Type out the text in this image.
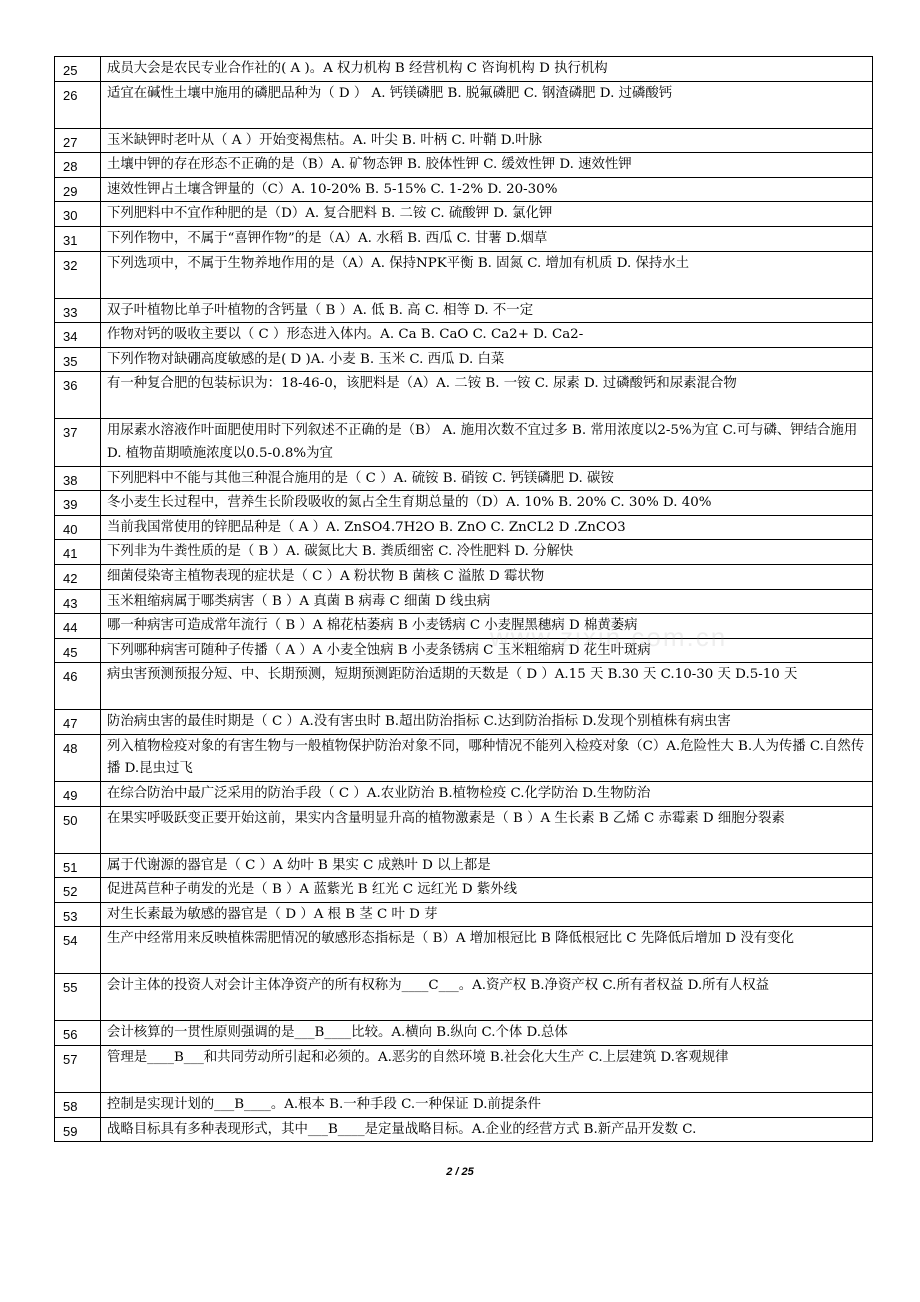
25	成员大会是农民专业合作社的( A )。A 权力机构 B 经营机构 C 咨询机构 D 执行机构
26	适宜在碱性土壤中施用的磷肥品种为（ D ） A. 钙镁磷肥 B. 脱氟磷肥 C. 钢渣磷肥 D. 过磷酸钙
27	玉米缺钾时老叶从（ A ）开始变褐焦枯。A. 叶尖 B. 叶柄 C. 叶鞘 D.叶脉
28	土壤中钾的存在形态不正确的是（B）A. 矿物态钾 B. 胶体性钾 C. 缓效性钾 D. 速效性钾
29	速效性钾占土壤含钾量的（C）A. 10-20% B. 5-15% C. 1-2% D. 20-30%
30	下列肥料中不宜作种肥的是（D）A. 复合肥料 B. 二铵 C. 硫酸钾 D. 氯化钾
31	下列作物中，不属于“喜钾作物”的是（A）A. 水稻 B. 西瓜 C. 甘薯 D.烟草
32	下列选项中，不属于生物养地作用的是（A）A. 保持NPK平衡 B. 固氮 C. 增加有机质 D. 保持水土
33	双子叶植物比单子叶植物的含钙量（ B ）A. 低 B. 高 C. 相等 D. 不一定
34	作物对钙的吸收主要以（ C ）形态进入体内。A. Ca B. CaO C. Ca2+ D. Ca2-
35	下列作物对缺硼高度敏感的是( D )A. 小麦 B. 玉米 C. 西瓜 D. 白菜
36	有一种复合肥的包装标识为：18-46-0，该肥料是（A）A. 二铵 B. 一铵 C. 尿素 D. 过磷酸钙和尿素混合物
37	用尿素水溶液作叶面肥使用时下列叙述不正确的是（B） A. 施用次数不宜过多 B. 常用浓度以2-5%为宜 C.可与磷、钾结合施用 D. 植物苗期喷施浓度以0.5-0.8%为宜
38	下列肥料中不能与其他三种混合施用的是（ C ）A. 硫铵 B. 硝铵 C. 钙镁磷肥 D. 碳铵
39	冬小麦生长过程中，营养生长阶段吸收的氮占全生育期总量的（D）A. 10% B. 20% C. 30% D. 40%
40	当前我国常使用的锌肥品种是（ A ）A. ZnSO4.7H2O B. ZnO C. ZnCL2 D .ZnCO3
41	下列非为牛粪性质的是（ B ）A. 碳氮比大 B. 粪质细密 C. 冷性肥料 D. 分解快
42	细菌侵染寄主植物表现的症状是（ C ）A 粉状物 B 菌核 C 溢脓 D 霉状物
43	玉米粗缩病属于哪类病害（ B ）A 真菌 B 病毒 C 细菌 D 线虫病
44	哪一种病害可造成常年流行（ B ）A 棉花枯萎病 B 小麦锈病 C 小麦腥黑穗病 D 棉黄萎病
45	下列哪种病害可随种子传播（ A ）A 小麦全蚀病 B 小麦条锈病 C 玉米粗缩病 D 花生叶斑病
46	病虫害预测预报分短、中、长期预测，短期预测距防治适期的天数是（ D ）A.15 天 B.30 天 C.10-30 天 D.5-10 天
47	防治病虫害的最佳时期是（ C ）A.没有害虫时 B.超出防治指标 C.达到防治指标 D.发现个别植株有病虫害
48	列入植物检疫对象的有害生物与一般植物保护防治对象不同，哪种情况不能列入检疫对象（C）A.危险性大 B.人为传播 C.自然传播 D.昆虫过飞
49	在综合防治中最广泛采用的防治手段（ C ）A.农业防治 B.植物检疫 C.化学防治 D.生物防治
50	在果实呼吸跃变正要开始这前，果实内含量明显升高的植物激素是（ B ）A 生长素 B 乙烯 C 赤霉素 D 细胞分裂素
51	属于代谢源的器官是（ C ）A 幼叶 B 果实 C 成熟叶 D 以上都是
52	促进莴苣种子萌发的光是（ B ）A 蓝紫光 B 红光 C 远红光 D 紫外线
53	对生长素最为敏感的器官是（ D ）A 根 B 茎 C 叶 D 芽
54	生产中经常用来反映植株需肥情况的敏感形态指标是（ B）A 增加根冠比 B 降低根冠比 C 先降低后增加 D 没有变化
55	会计主体的投资人对会计主体净资产的所有权称为____C___。A.资产权 B.净资产权 C.所有者权益 D.所有人权益
56	会计核算的一贯性原则强调的是___B____比较。A.横向 B.纵向 C.个体 D.总体
57	管理是____B___和共同劳动所引起和必须的。A.恶劣的自然环境 B.社会化大生产 C.上层建筑 D.客观规律
58	控制是实现计划的___B____。A.根本 B.一种手段 C.一种保证 D.前提条件
59	战略目标具有多种表现形式，其中___B____是定量战略目标。A.企业的经营方式 B.新产品开发数 C.
www.zixin.com.cn
2 / 25
